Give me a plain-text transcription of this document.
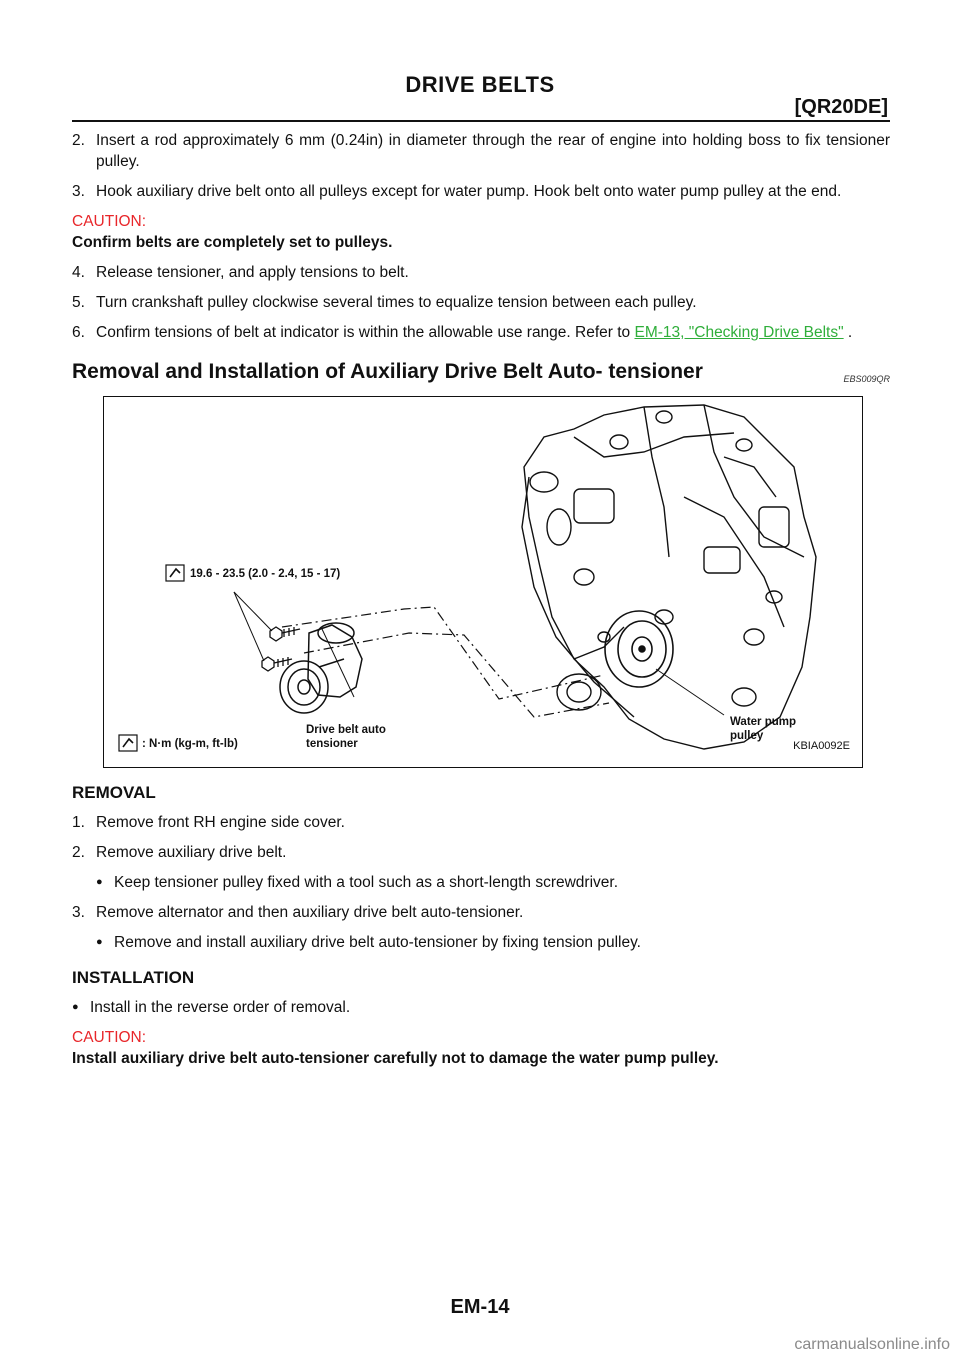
DRIVE BELTS
[QR20DE]
2. Insert a rod approximately 6 mm (0.24in) in diameter through the rear of engine into holding boss to fix tensioner pulley.
3. Hook auxiliary drive belt onto all pulleys except for water pump. Hook belt onto water pump pulley at the end.
CAUTION:
Confirm belts are completely set to pulleys.
4. Release tensioner, and apply tensions to belt.
5. Turn crankshaft pulley clockwise several times to equalize tension between each pulley.
6. Confirm tensions of belt at indicator is within the allowable use range. Refer to EM-13, "Checking Drive Belts" .
Removal and Installation of Auxiliary Drive Belt Auto- tensioner	EBS009QR
19.6 - 23.5 (2.0 - 2.4, 15 - 17)
Drive belt auto
tensioner
Water pump
pulley
: N·m (kg-m, ft-lb)	KBIA0092E
REMOVAL
1. Remove front RH engine side cover.
2. Remove auxiliary drive belt.
● Keep tensioner pulley fixed with a tool such as a short-length screwdriver.
3. Remove alternator and then auxiliary drive belt auto-tensioner.
● Remove and install auxiliary drive belt auto-tensioner by fixing tension pulley.
INSTALLATION
● Install in the reverse order of removal.
CAUTION:
Install auxiliary drive belt auto-tensioner carefully not to damage the water pump pulley.
EM-14
carmanualsonline.info
